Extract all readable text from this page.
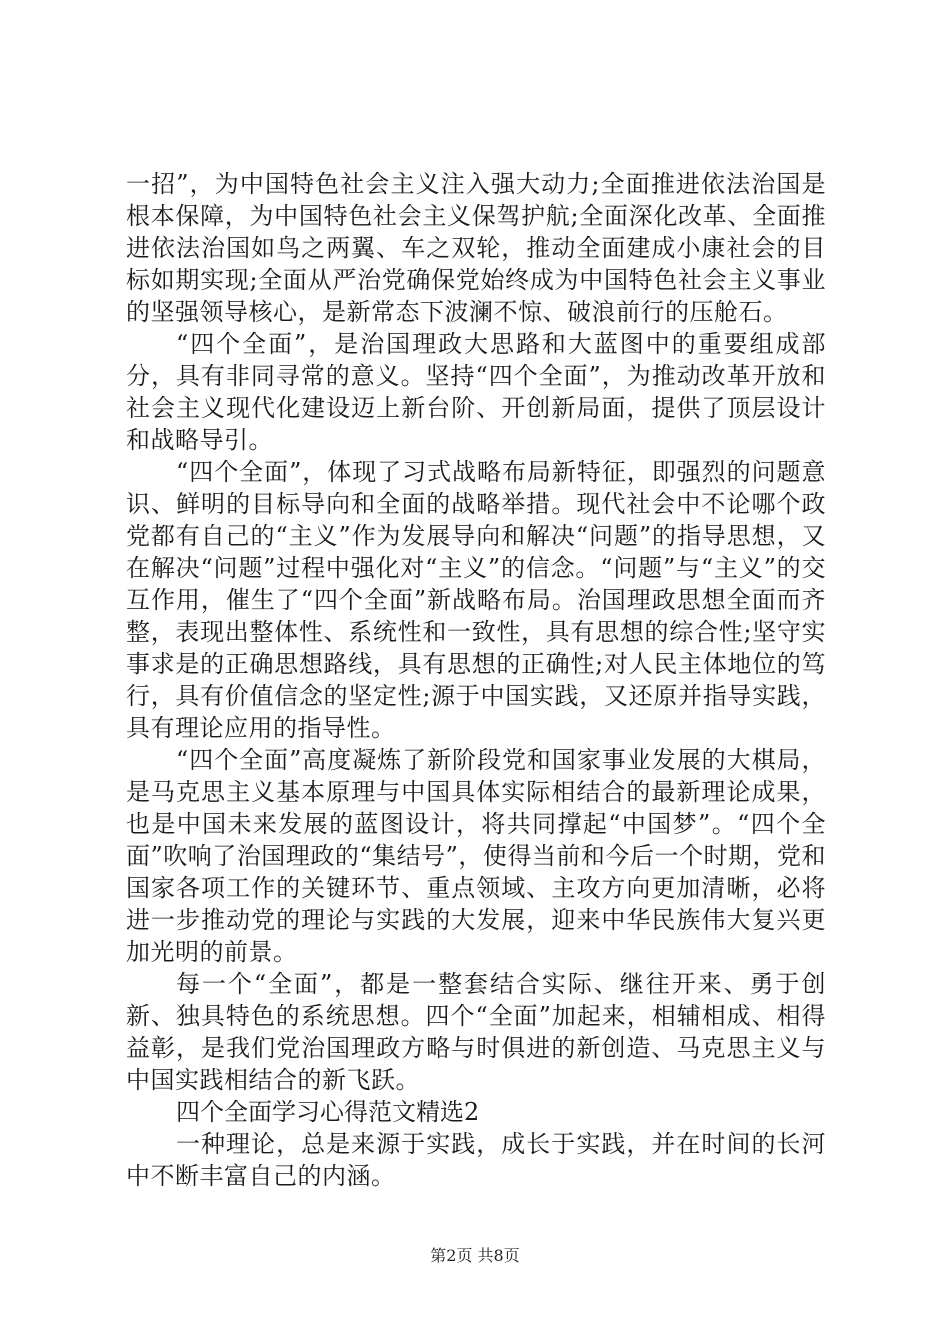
一招”，为中国特色社会主义注入强大动力;全面推进依法治国是根本保障，为中国特色社会主义保驾护航;全面深化改革、全面推进依法治国如鸟之两翼、车之双轮，推动全面建成小康社会的目标如期实现;全面从严治党确保党始终成为中国特色社会主义事业的坚强领导核心，是新常态下波澜不惊、破浪前行的压舱石。

“四个全面”，是治国理政大思路和大蓝图中的重要组成部分，具有非同寻常的意义。坚持“四个全面”，为推动改革开放和社会主义现代化建设迈上新台阶、开创新局面，提供了顶层设计和战略导引。

“四个全面”，体现了习式战略布局新特征，即强烈的问题意识、鲜明的目标导向和全面的战略举措。现代社会中不论哪个政党都有自己的“主义”作为发展导向和解决“问题”的指导思想，又在解决“问题”过程中强化对“主义”的信念。“问题”与“主义”的交互作用，催生了“四个全面”新战略布局。治国理政思想全面而齐整，表现出整体性、系统性和一致性，具有思想的综合性;坚守实事求是的正确思想路线，具有思想的正确性;对人民主体地位的笃行，具有价值信念的坚定性;源于中国实践，又还原并指导实践，具有理论应用的指导性。

“四个全面”高度凝炼了新阶段党和国家事业发展的大棋局，是马克思主义基本原理与中国具体实际相结合的最新理论成果，也是中国未来发展的蓝图设计，将共同撑起“中国梦”。“四个全面”吹响了治国理政的“集结号”，使得当前和今后一个时期，党和国家各项工作的关键环节、重点领域、主攻方向更加清晰，必将进一步推动党的理论与实践的大发展，迎来中华民族伟大复兴更加光明的前景。

每一个“全面”，都是一整套结合实际、继往开来、勇于创新、独具特色的系统思想。四个“全面”加起来，相辅相成、相得益彰，是我们党治国理政方略与时俱进的新创造、马克思主义与中国实践相结合的新飞跃。

四个全面学习心得范文精选2

一种理论，总是来源于实践，成长于实践，并在时间的长河中不断丰富自己的内涵。

第2页 共8页
